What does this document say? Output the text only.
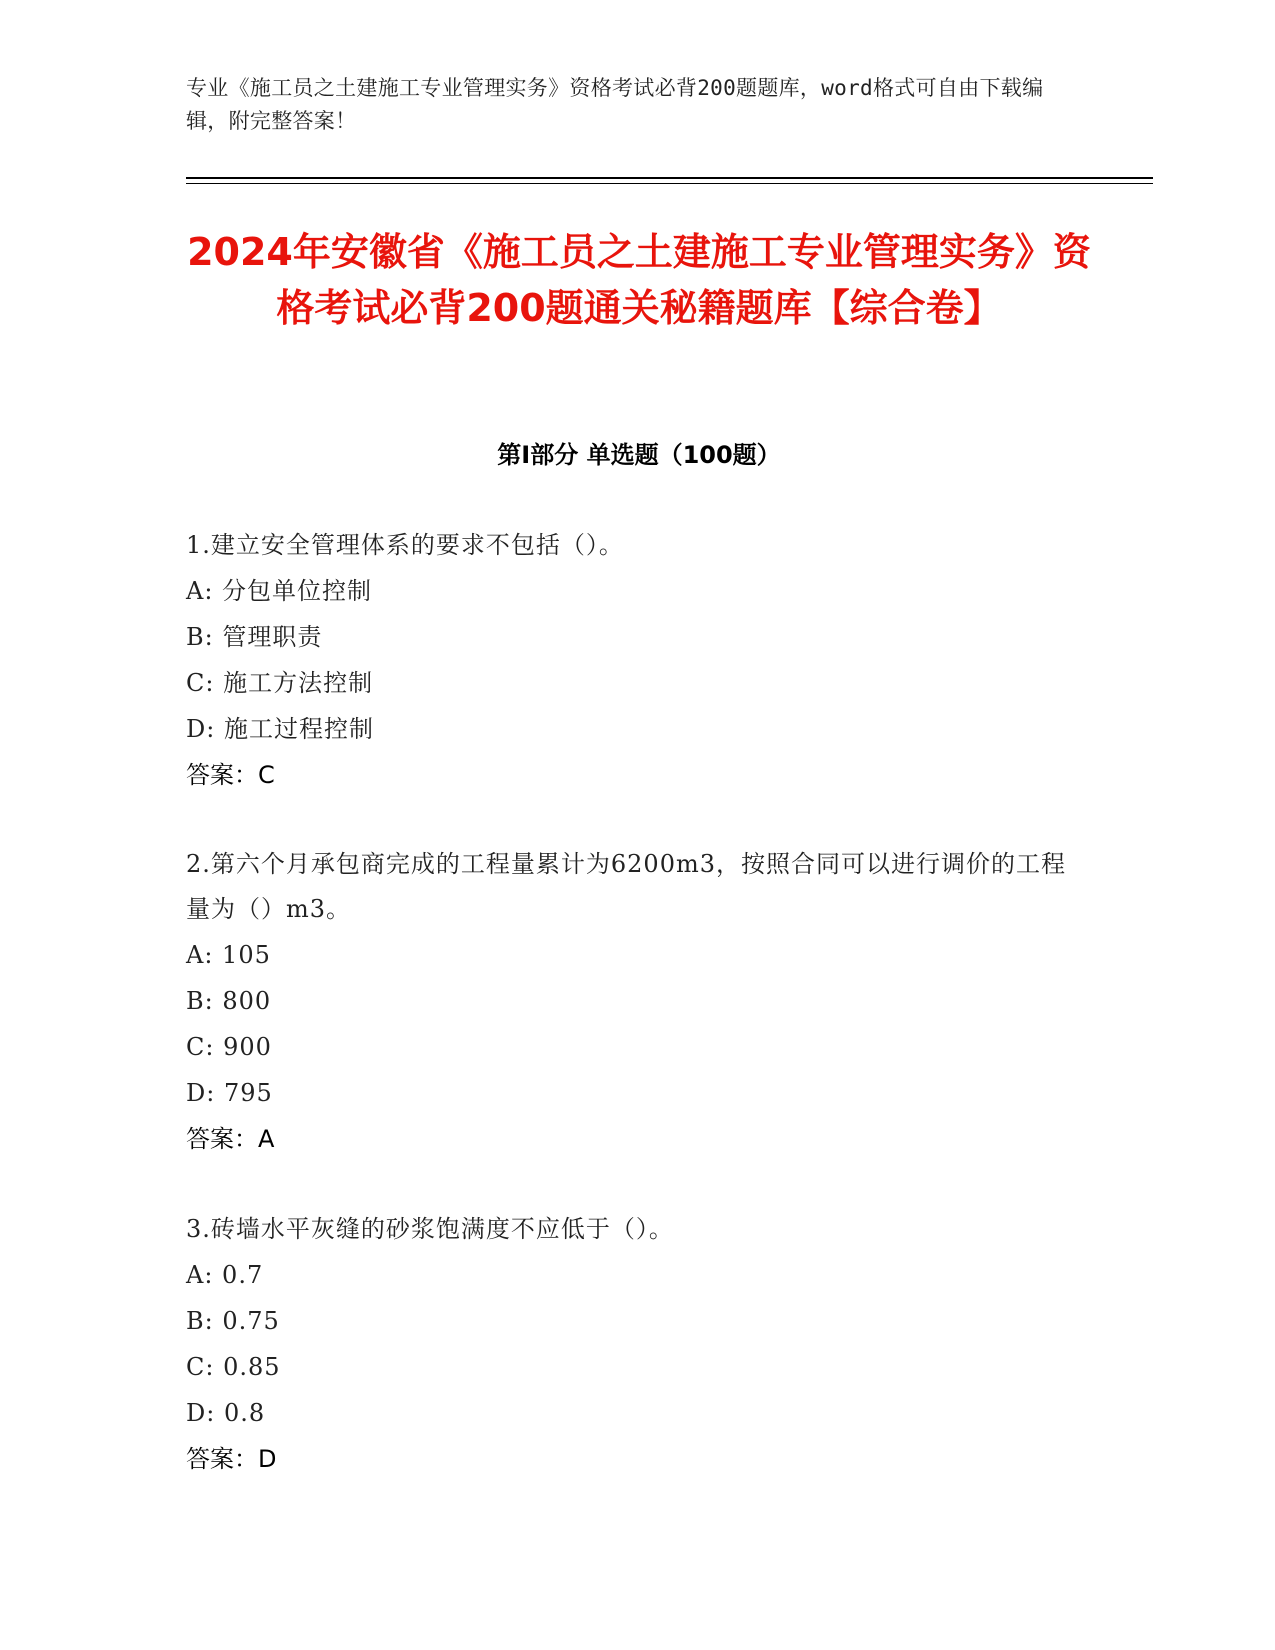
专业《施工员之土建施工专业管理实务》资格考试必背200题题库，word格式可自由下载编辑，附完整答案！
2024年安徽省《施工员之土建施工专业管理实务》资格考试必背200题通关秘籍题库【综合卷】
第I部分 单选题（100题）
1.建立安全管理体系的要求不包括（）。
A: 分包单位控制
B: 管理职责
C: 施工方法控制
D: 施工过程控制
答案：C
2.第六个月承包商完成的工程量累计为6200m3，按照合同可以进行调价的工程量为（）m3。
A: 105
B: 800
C: 900
D: 795
答案：A
3.砖墙水平灰缝的砂浆饱满度不应低于（）。
A: 0.7
B: 0.75
C: 0.85
D: 0.8
答案：D
